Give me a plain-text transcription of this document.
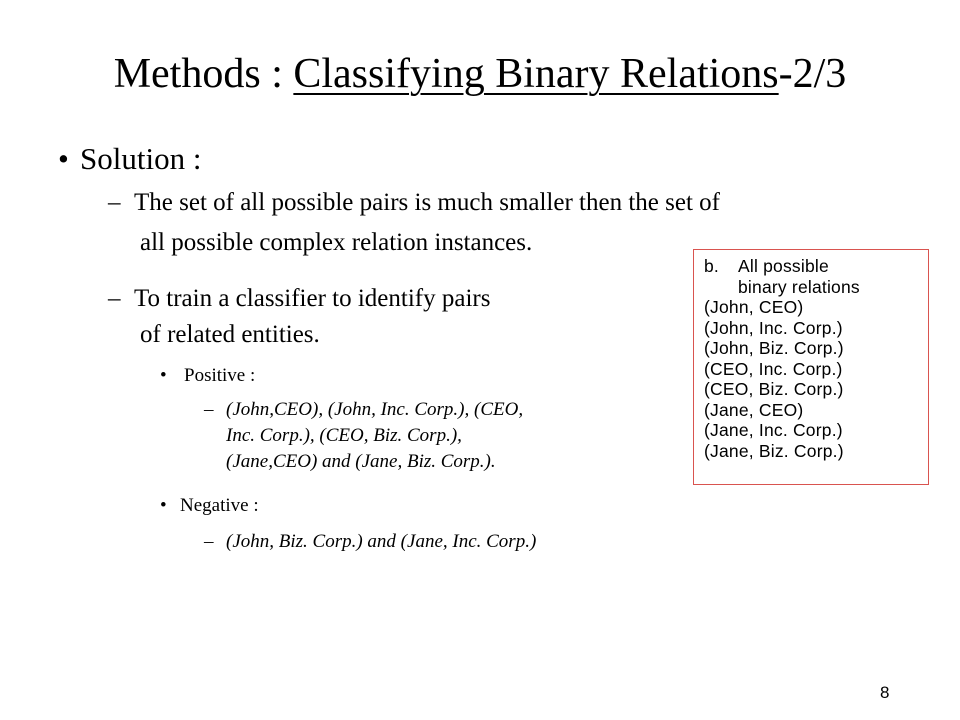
Methods : Classifying Binary Relations-2/3
• Solution :
– The set of all possible pairs is much smaller then the set of
all possible complex relation instances.
– To train a classifier to identify pairs
of related entities.
• Positive :
– (John,CEO), (John, Inc. Corp.), (CEO,
Inc. Corp.), (CEO, Biz. Corp.),
(Jane,CEO) and (Jane, Biz. Corp.).
• Negative :
– (John, Biz. Corp.) and (Jane, Inc. Corp.)
b.	All possible
binary relations
(John, CEO)
(John, Inc. Corp.)
(John, Biz. Corp.)
(CEO, Inc. Corp.)
(CEO, Biz. Corp.)
(Jane, CEO)
(Jane, Inc. Corp.)
(Jane, Biz. Corp.)
8
